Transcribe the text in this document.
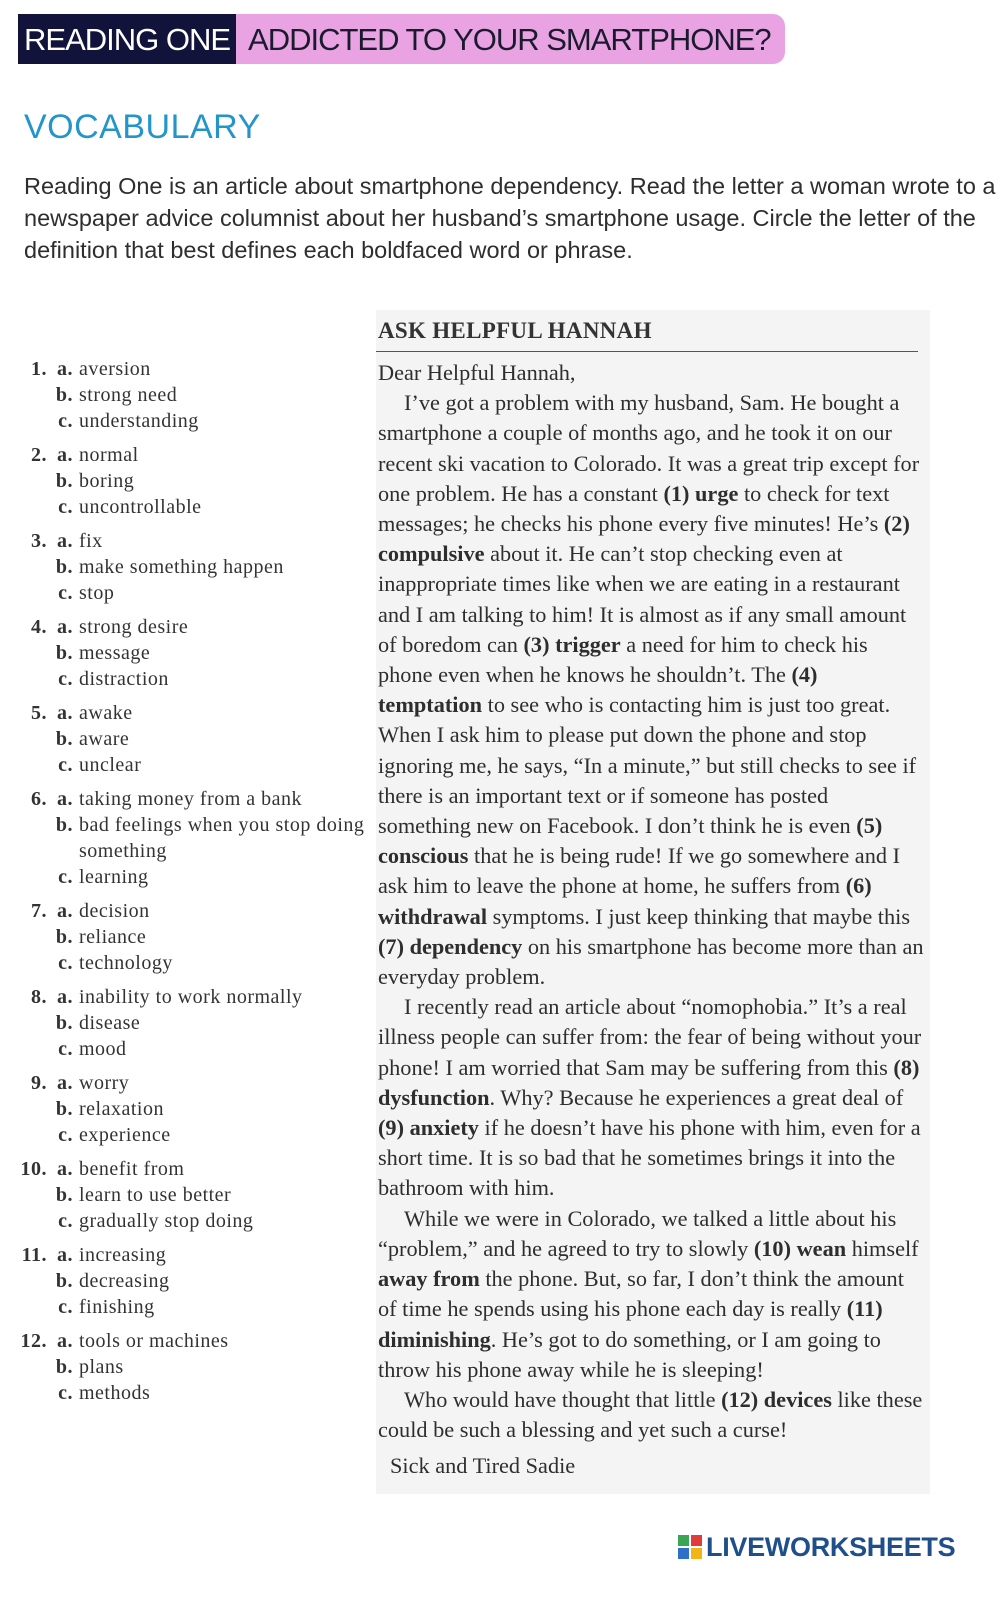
READING ONE ADDICTED TO YOUR SMARTPHONE?
VOCABULARY

Reading One is an article about smartphone dependency. Read the letter a woman wrote to a newspaper advice columnist about her husband’s smartphone usage. Circle the letter of the definition that best defines each boldfaced word or phrase.

1. a. aversion
b. strong need
c. understanding
2. a. normal
b. boring
c. uncontrollable
3. a. fix
b. make something happen
c. stop
4. a. strong desire
b. message
c. distraction
5. a. awake
b. aware
c. unclear
6. a. taking money from a bank
b. bad feelings when you stop doing something
c. learning
7. a. decision
b. reliance
c. technology
8. a. inability to work normally
b. disease
c. mood
9. a. worry
b. relaxation
c. experience
10. a. benefit from
b. learn to use better
c. gradually stop doing
11. a. increasing
b. decreasing
c. finishing
12. a. tools or machines
b. plans
c. methods
ASK HELPFUL HANNAH

Dear Helpful Hannah,

I’ve got a problem with my husband, Sam. He bought a smartphone a couple of months ago, and he took it on our recent ski vacation to Colorado. It was a great trip except for one problem. He has a constant (1) urge to check for text messages; he checks his phone every five minutes! He’s (2) compulsive about it. He can’t stop checking even at inappropriate times like when we are eating in a restaurant and I am talking to him! It is almost as if any small amount of boredom can (3) trigger a need for him to check his phone even when he knows he shouldn’t. The (4) temptation to see who is contacting him is just too great. When I ask him to please put down the phone and stop ignoring me, he says, “In a minute,” but still checks to see if there is an important text or if someone has posted something new on Facebook. I don’t think he is even (5) conscious that he is being rude! If we go somewhere and I ask him to leave the phone at home, he suffers from (6) withdrawal symptoms. I just keep thinking that maybe this (7) dependency on his smartphone has become more than an everyday problem.

I recently read an article about “nomophobia.” It’s a real illness people can suffer from: the fear of being without your phone! I am worried that Sam may be suffering from this (8) dysfunction. Why? Because he experiences a great deal of (9) anxiety if he doesn’t have his phone with him, even for a short time. It is so bad that he sometimes brings it into the bathroom with him.

While we were in Colorado, we talked a little about his “problem,” and he agreed to try to slowly (10) wean himself away from the phone. But, so far, I don’t think the amount of time he spends using his phone each day is really (11) diminishing. He’s got to do something, or I am going to throw his phone away while he is sleeping!

Who would have thought that little (12) devices like these could be such a blessing and yet such a curse!

Sick and Tired Sadie
LIVEWORKSHEETS
